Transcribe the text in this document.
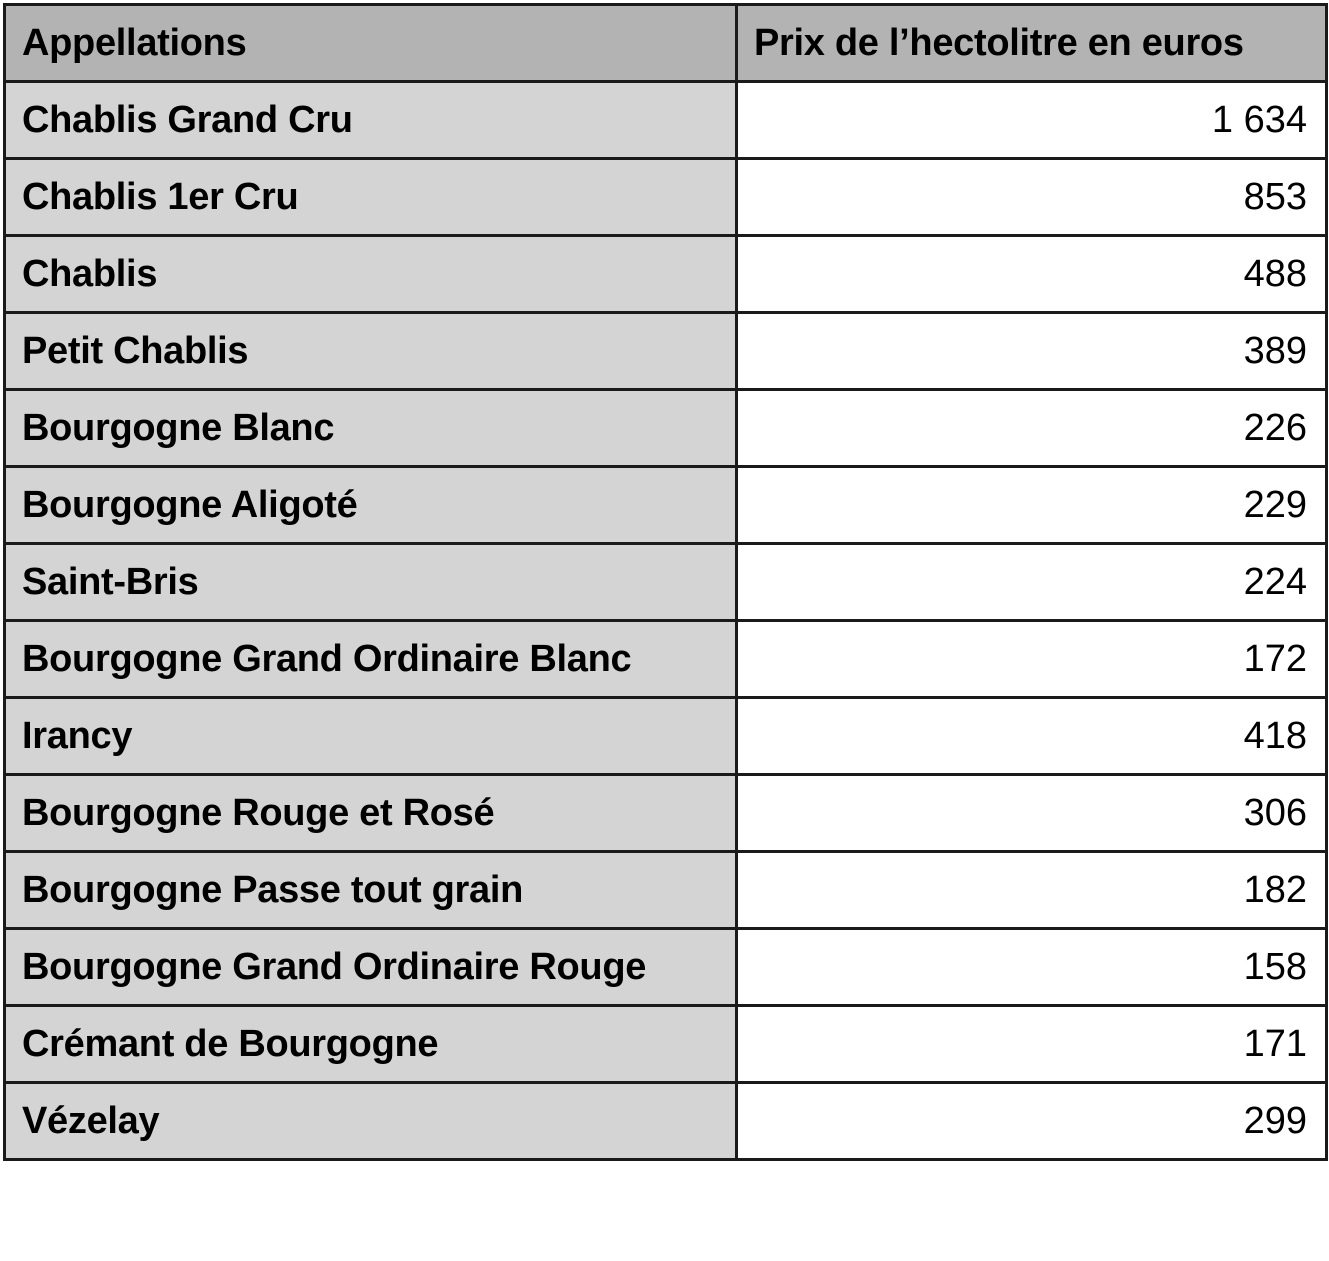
Appellations	Prix de l’hectolitre en euros
Chablis Grand Cru	1 634
Chablis 1er Cru	853
Chablis	488
Petit Chablis	389
Bourgogne Blanc	226
Bourgogne Aligoté	229
Saint-Bris	224
Bourgogne Grand Ordinaire Blanc	172
Irancy	418
Bourgogne Rouge et Rosé	306
Bourgogne Passe tout grain	182
Bourgogne Grand Ordinaire Rouge	158
Crémant de Bourgogne	171
Vézelay	299
